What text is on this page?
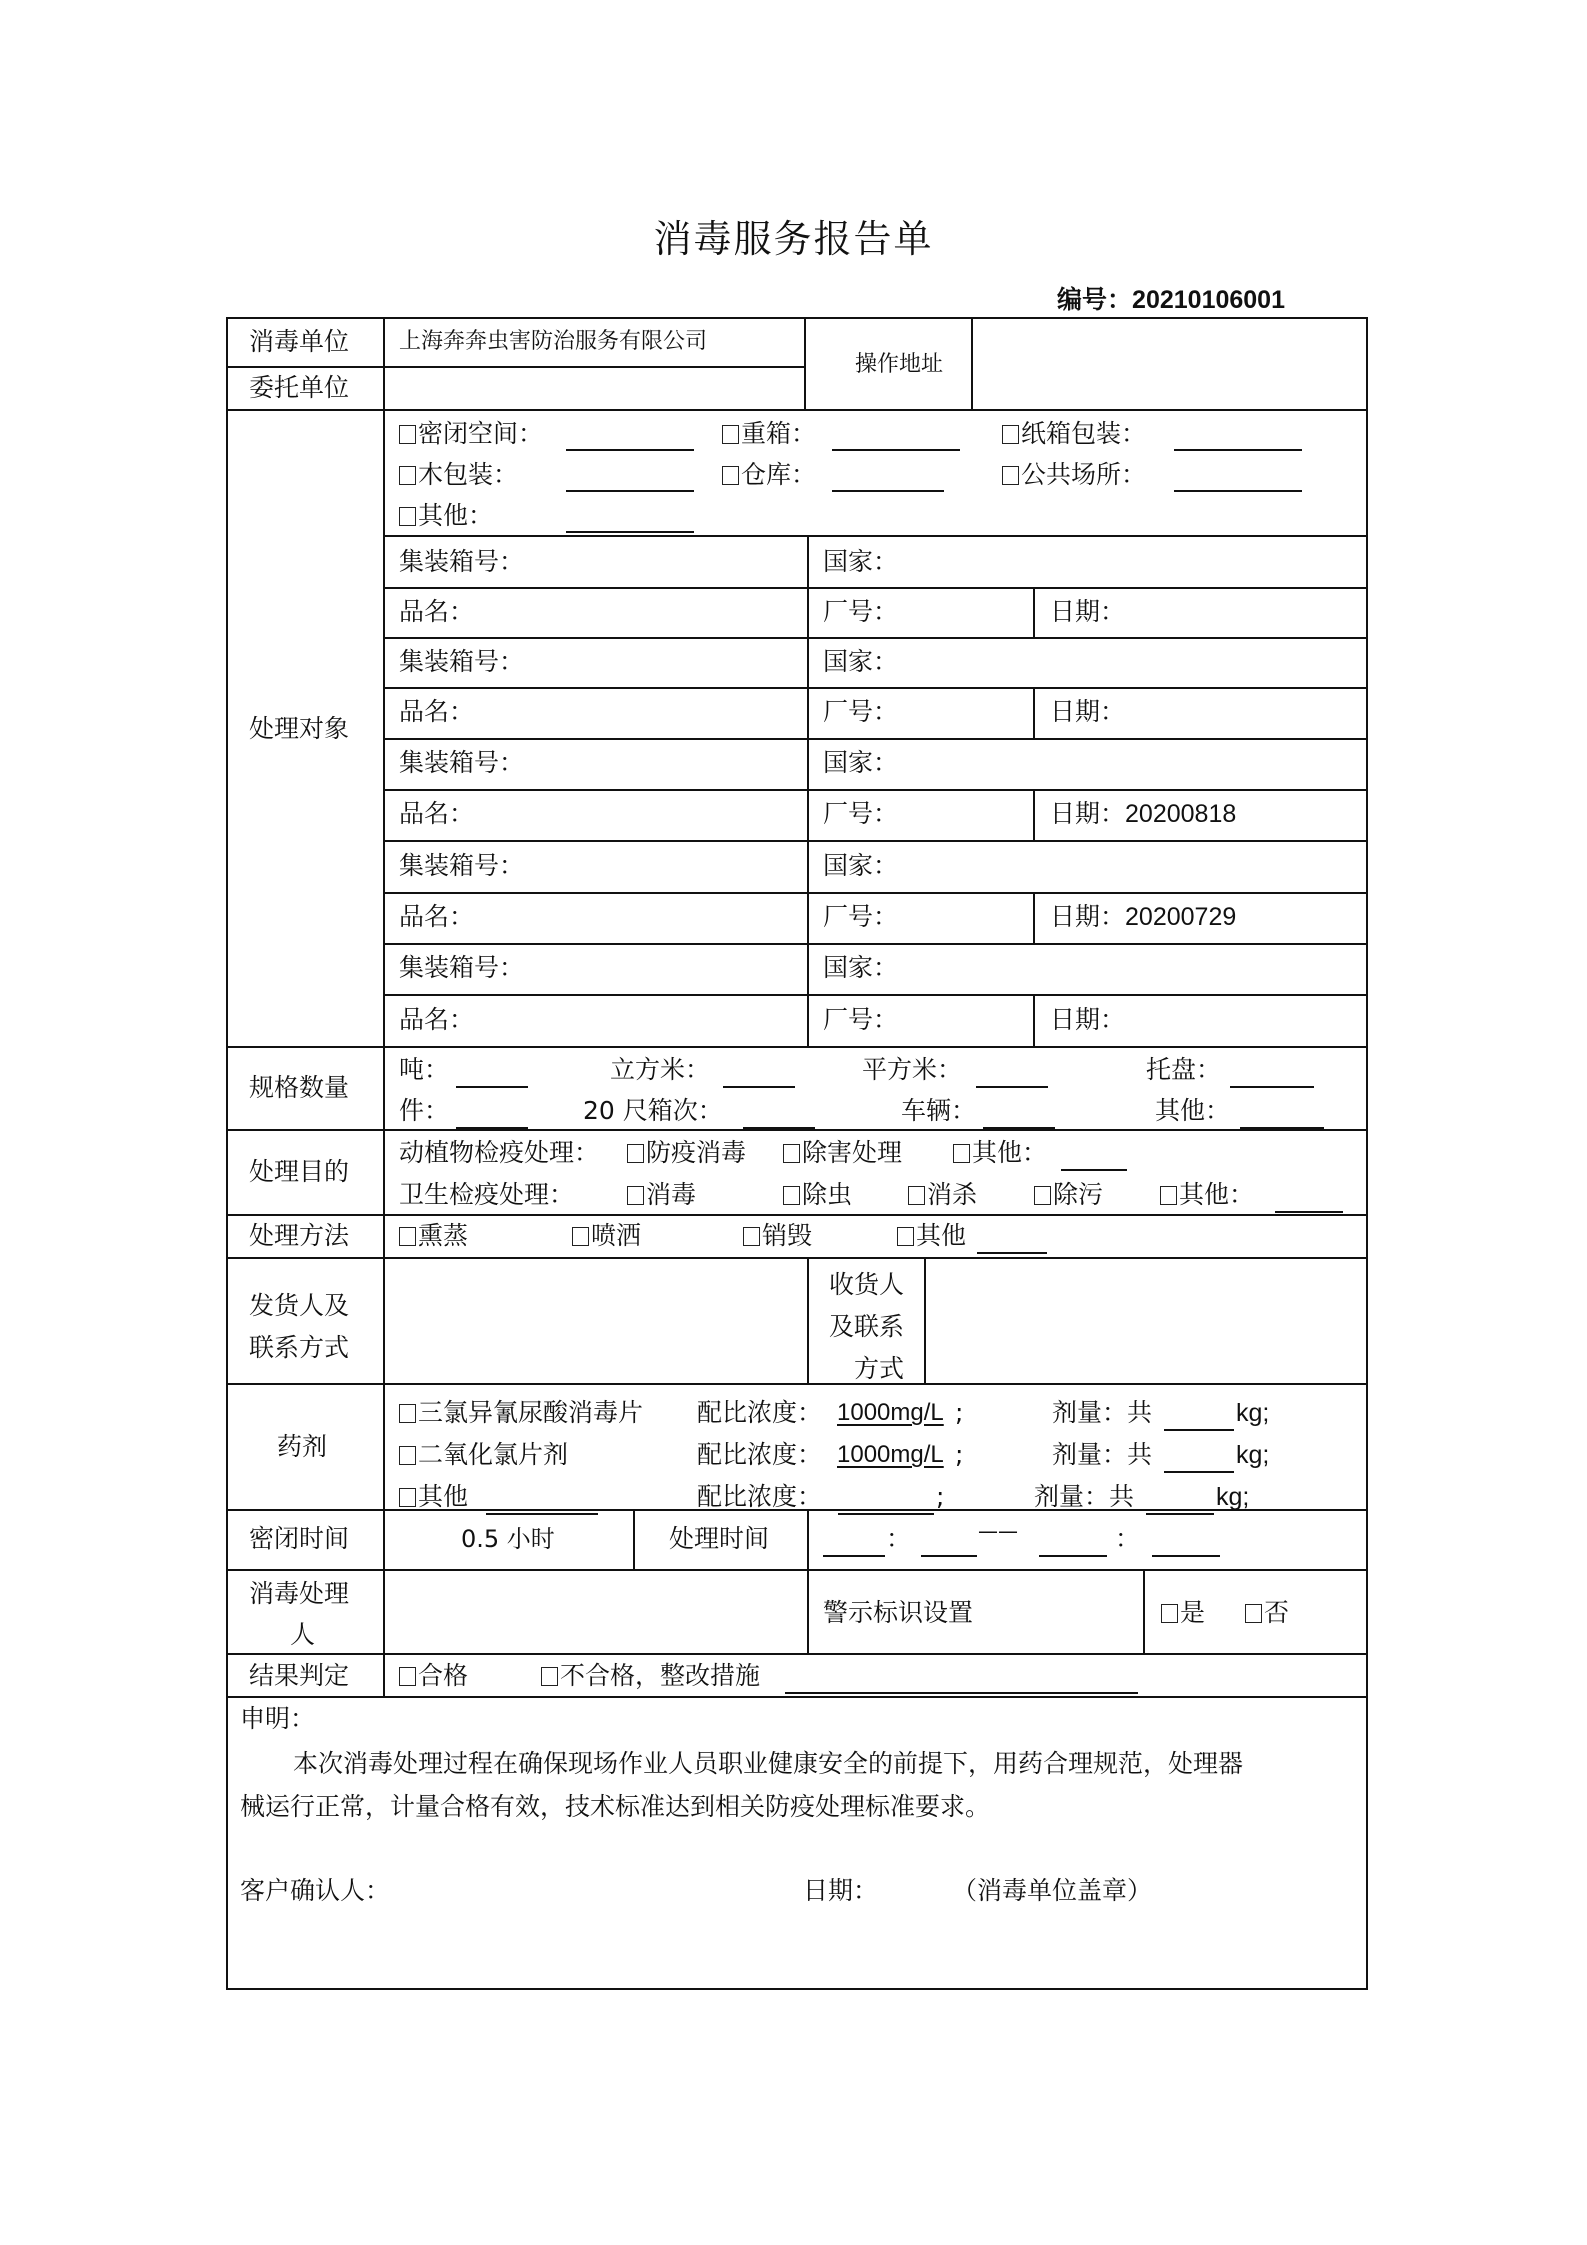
消毒服务报告单
编号：20210106001
消毒单位 上海奔奔虫害防治服务有限公司
委托单位
操作地址
处理对象
密闭空间：	重箱：	纸箱包装：
木包装：	仓库：	公共场所：
其他：
集装箱号：	国家：
品名：	厂号：	日期：
集装箱号：	国家：
品名：	厂号：	日期：
集装箱号：	国家：
品名：	厂号：	日期：20200818
集装箱号：	国家：
品名：	厂号：	日期：20200729
集装箱号：	国家：
品名：	厂号：	日期：
规格数量
吨：	立方米：	平方米：	托盘：
件：	20 尺箱次：	车辆：	其他：
处理目的
动植物检疫处理：	防疫消毒	除害处理	其他：
卫生检疫处理：	消毒	除虫	消杀	除污	其他：
处理方法	熏蒸	喷洒	销毁	其他
发货人及
联系方式
收货人
及联系
方式
药剂
三氯异氰尿酸消毒片 配比浓度： 1000mg/L ;	剂量：共	kg;
二氧化氯片剂	配比浓度： 1000mg/L ;	剂量：共	kg;
其他	配比浓度：	;	剂量：共	kg;
密闭时间	0.5 小时	处理时间	：	——	：
消毒处理
人
警示标识设置	是	否
结果判定	合格	不合格，整改措施
申明：
本次消毒处理过程在确保现场作业人员职业健康安全的前提下，用药合理规范，处理器
械运行正常，计量合格有效，技术标准达到相关防疫处理标准要求。
客户确认人：	日期：	（消毒单位盖章）
